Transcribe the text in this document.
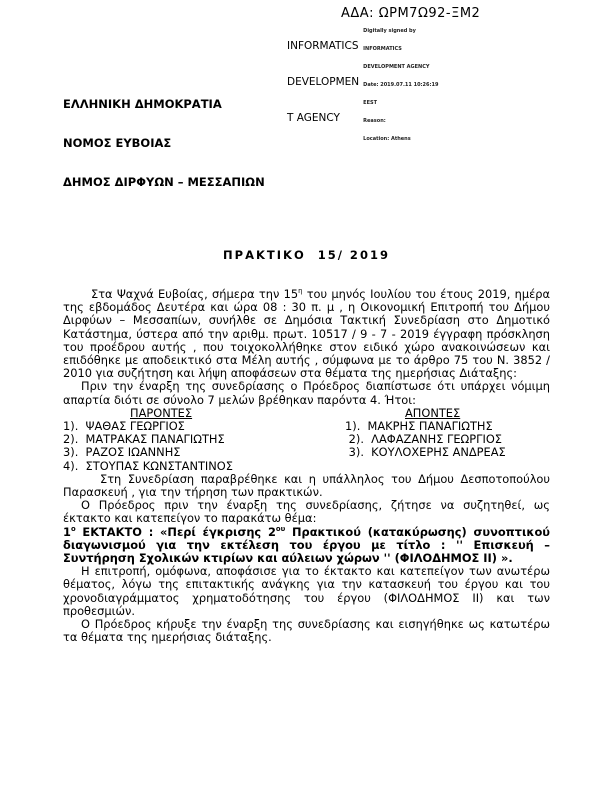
ΑΔΑ: ΩΡΜ7Ω92-ΞΜ2

INFORMATICS

DEVELOPMEN

T AGENCY

Digitally signed by

INFORMATICS

DEVELOPMENT AGENCY

Date: 2019.07.11 10:26:19

EEST

Reason:

Location: Athens

ΕΛΛΗΝΙΚΗ ΔΗΜΟΚΡΑΤΙΑ

ΝΟΜΟΣ ΕΥΒΟΙΑΣ

ΔΗΜΟΣ ΔΙΡΦΥΩΝ – ΜΕΣΣΑΠΙΩΝ

ΠΡΑΚΤΙΚΟ  15/ 2019

Στα Ψαχνά Ευβοίας, σήμερα την $15^\eta$ του μηνός Ιουλίου του έτους 2019, ημέρα της εβδομάδος Δευτέρα και ώρα 08 : 30 π. μ , η Οικονομική Επιτροπή του Δήμου Διρφύων – Μεσσαπίων, συνήλθε σε Δημόσια Τακτική Συνεδρίαση στο Δημοτικό Κατάστημα, ύστερα από την αριθμ. πρωτ. 10517 / 9 - 7 - 2019 έγγραφη πρόσκληση του προέδρου αυτής , που τοιχοκολλήθηκε στον ειδικό χώρο ανακοινώσεων και επιδόθηκε με αποδεικτικό στα Μέλη αυτής , σύμφωνα με το άρθρο 75 του Ν. 3852 / 2010 για συζήτηση και λήψη αποφάσεων στα θέματα της ημερήσιας Διάταξης:

Πριν την έναρξη της συνεδρίασης ο Πρόεδρος διαπίστωσε ότι υπάρχει νόμιμη απαρτία διότι σε σύνολο 7 μελών βρέθηκαν παρόντα 4. Ήτοι:

ΠΑΡΟΝΤΕΣ
1).  ΨΑΘΑΣ ΓΕΩΡΓΙΟΣ
2).  ΜΑΤΡΑΚΑΣ ΠΑΝΑΓΙΩΤΗΣ
3).  ΡΑΖΟΣ ΙΩΑΝΝΗΣ
4).  ΣΤΟΥΠΑΣ ΚΩΝΣΤΑΝΤΙΝΟΣ
ΑΠΟΝΤΕΣ
1).  ΜΑΚΡΗΣ ΠΑΝΑΓΙΩΤΗΣ
2).  ΛΑΦΑΖΑΝΗΣ ΓΕΩΡΓΙΟΣ
3).  ΚΟΥΛΟΧΕΡΗΣ ΑΝΔΡΕΑΣ

Στη Συνεδρίαση παραβρέθηκε και η υπάλληλος του Δήμου Δεσποτοπούλου Παρασκευή , για την τήρηση των πρακτικών.

Ο Πρόεδρος πριν την έναρξη της συνεδρίασης, ζήτησε να συζητηθεί, ως έκτακτο και κατεπείγον το παρακάτω θέμα:

$1^o$ ΕΚΤΑΚΤΟ : «Περί έγκρισης $2^{o\upsilon}$ Πρακτικού (κατακύρωσης) συνοπτικού διαγωνισμού για την εκτέλεση του έργου με τίτλο : '' Επισκευή – Συντήρηση Σχολικών κτιρίων και αύλειων χώρων '' (ΦΙΛΟΔΗΜΟΣ ΙΙ) ».

Η επιτροπή, ομόφωνα, αποφάσισε για το έκτακτο και κατεπείγον των ανωτέρω θέματος, λόγω της επιτακτικής ανάγκης για την κατασκευή του έργου και του χρονοδιαγράμματος χρηματοδότησης του έργου (ΦΙΛΟΔΗΜΟΣ ΙΙ) και των προθεσμιών.

Ο Πρόεδρος κήρυξε την έναρξη της συνεδρίασης και εισηγήθηκε ως κατωτέρω τα θέματα της ημερήσιας διάταξης.
